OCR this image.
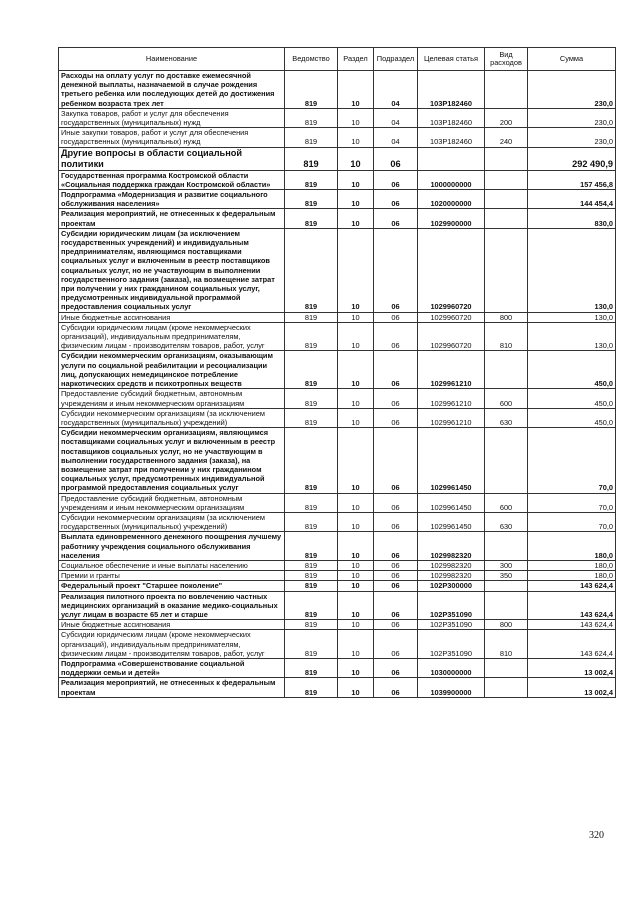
Наименование	Ведомство	Раздел	Подраздел	Целевая статья	Вид расходов	Сумма
Расходы на оплату услуг по доставке ежемесячной денежной выплаты, назначаемой в случае рождения третьего ребенка или последующих детей до достижения ребенком возраста трех лет	819	10	04	103P182460		230,0
Закупка товаров, работ и услуг для обеспечения государственных (муниципальных) нужд	819	10	04	103P182460	200	230,0
Иные закупки товаров, работ и услуг для обеспечения государственных (муниципальных) нужд	819	10	04	103P182460	240	230,0
Другие вопросы в области социальной политики	819	10	06			292 490,9
Государственная программа Костромской области «Социальная поддержка граждан Костромской области»	819	10	06	1000000000		157 456,8
Подпрограмма «Модернизация и развитие социального обслуживания населения»	819	10	06	1020000000		144 454,4
Реализация мероприятий, не отнесенных к федеральным проектам	819	10	06	1029900000		830,0
Субсидии юридическим лицам (за исключением государственных учреждений) и индивидуальным предпринимателям, являющимся поставщиками социальных услуг и включенным в реестр поставщиков социальных услуг, но не участвующим в выполнении государственного задания (заказа), на возмещение затрат при получении у них гражданином социальных услуг, предусмотренных индивидуальной программой предоставления социальных услуг	819	10	06	1029960720		130,0
Иные бюджетные ассигнования	819	10	06	1029960720	800	130,0
Субсидии юридическим лицам (кроме некоммерческих организаций), индивидуальным предпринимателям, физическим лицам - производителям товаров, работ, услуг	819	10	06	1029960720	810	130,0
Субсидии некоммерческим организациям, оказывающим услуги по социальной реабилитации и ресоциализации лиц, допускающих немедицинское потребление наркотических средств и психотропных веществ	819	10	06	1029961210		450,0
Предоставление субсидий бюджетным, автономным учреждениям и иным некоммерческим организациям	819	10	06	1029961210	600	450,0
Субсидии некоммерческим организациям (за исключением государственных (муниципальных) учреждений)	819	10	06	1029961210	630	450,0
Субсидии некоммерческим организациям, являющимся поставщиками социальных услуг и включенным в реестр поставщиков социальных услуг, но не участвующим в выполнении государственного задания (заказа), на возмещение затрат при получении у них гражданином социальных услуг, предусмотренных индивидуальной программой предоставления социальных услуг	819	10	06	1029961450		70,0
Предоставление субсидий бюджетным, автономным учреждениям и иным некоммерческим организациям	819	10	06	1029961450	600	70,0
Субсидии некоммерческим организациям (за исключением государственных (муниципальных) учреждений)	819	10	06	1029961450	630	70,0
Выплата единовременного денежного поощрения лучшему работнику учреждения социального обслуживания населения	819	10	06	1029982320		180,0
Социальное обеспечение и иные выплаты населению	819	10	06	1029982320	300	180,0
Премии и гранты	819	10	06	1029982320	350	180,0
Федеральный проект "Старшее поколение"	819	10	06	102P300000		143 624,4
Реализация пилотного проекта по вовлечению частных медицинских организаций в оказание медико-социальных услуг лицам в возрасте 65 лет и старше	819	10	06	102P351090		143 624,4
Иные бюджетные ассигнования	819	10	06	102P351090	800	143 624,4
Субсидии юридическим лицам (кроме некоммерческих организаций), индивидуальным предпринимателям, физическим лицам - производителям товаров, работ, услуг	819	10	06	102P351090	810	143 624,4
Подпрограмма «Совершенствование социальной поддержки семьи и детей»	819	10	06	1030000000		13 002,4
Реализация мероприятий, не отнесенных к федеральным проектам	819	10	06	1039900000		13 002,4
320
